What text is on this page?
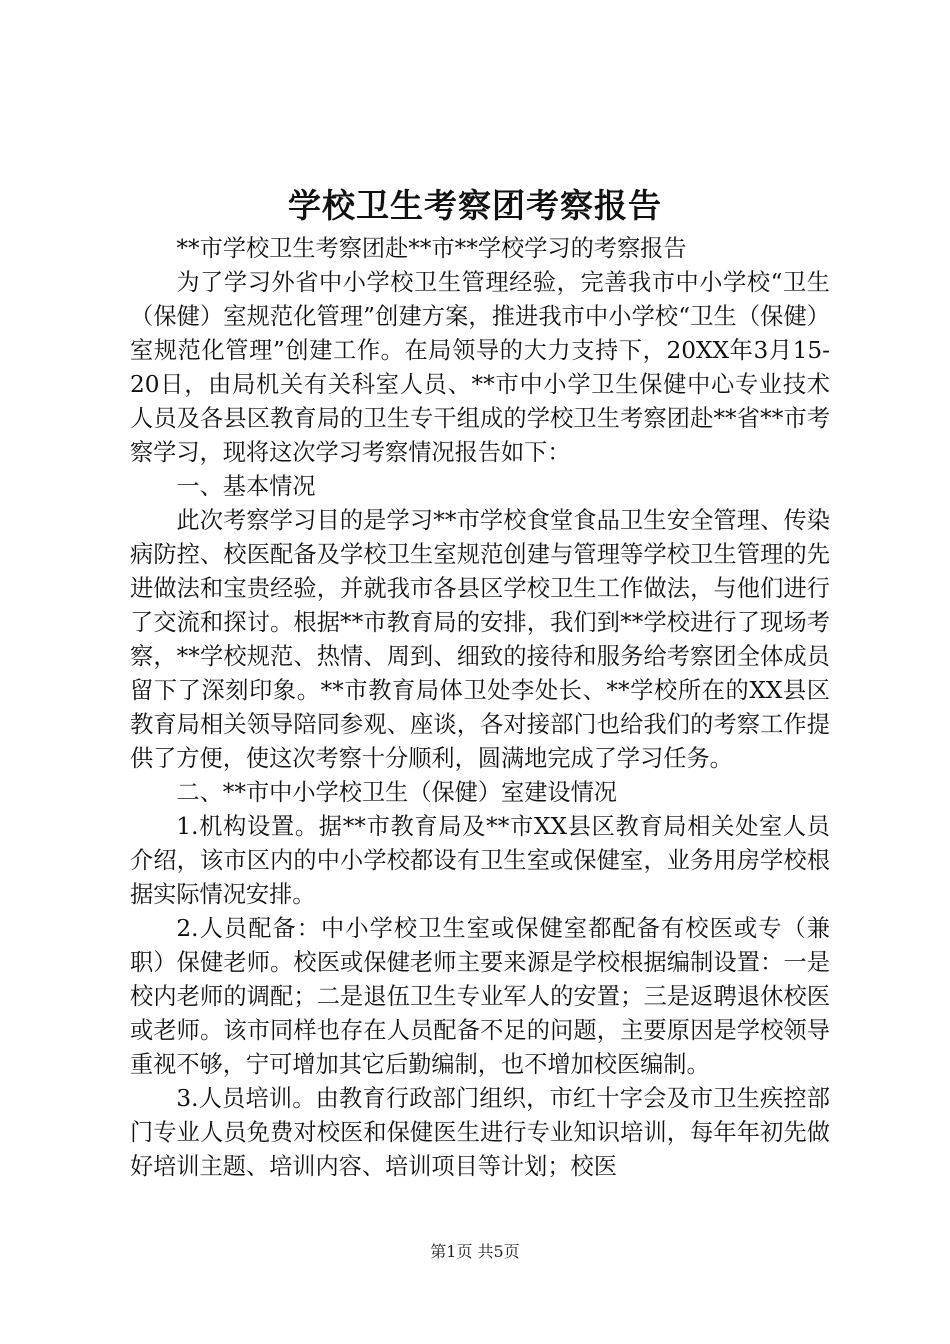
学校卫生考察团考察报告

**市学校卫生考察团赴**市**学校学习的考察报告

为了学习外省中小学校卫生管理经验，完善我市中小学校“卫生（保健）室规范化管理”创建方案，推进我市中小学校“卫生（保健）室规范化管理”创建工作。在局领导的大力支持下，20XX年3月15-20日，由局机关有关科室人员、**市中小学卫生保健中心专业技术人员及各县区教育局的卫生专干组成的学校卫生考察团赴**省**市考察学习，现将这次学习考察情况报告如下：

一、基本情况

此次考察学习目的是学习**市学校食堂食品卫生安全管理、传染病防控、校医配备及学校卫生室规范创建与管理等学校卫生管理的先进做法和宝贵经验，并就我市各县区学校卫生工作做法，与他们进行了交流和探讨。根据**市教育局的安排，我们到**学校进行了现场考察，**学校规范、热情、周到、细致的接待和服务给考察团全体成员留下了深刻印象。**市教育局体卫处李处长、**学校所在的XX县区教育局相关领导陪同参观、座谈，各对接部门也给我们的考察工作提供了方便，使这次考察十分顺利，圆满地完成了学习任务。

二、**市中小学校卫生（保健）室建设情况

1.机构设置。据**市教育局及**市XX县区教育局相关处室人员介绍，该市区内的中小学校都设有卫生室或保健室，业务用房学校根据实际情况安排。

2.人员配备：中小学校卫生室或保健室都配备有校医或专（兼职）保健老师。校医或保健老师主要来源是学校根据编制设置：一是校内老师的调配；二是退伍卫生专业军人的安置；三是返聘退休校医或老师。该市同样也存在人员配备不足的问题，主要原因是学校领导重视不够，宁可增加其它后勤编制，也不增加校医编制。

3.人员培训。由教育行政部门组织，市红十字会及市卫生疾控部门专业人员免费对校医和保健医生进行专业知识培训，每年年初先做好培训主题、培训内容、培训项目等计划；校医

第1页 共5页
